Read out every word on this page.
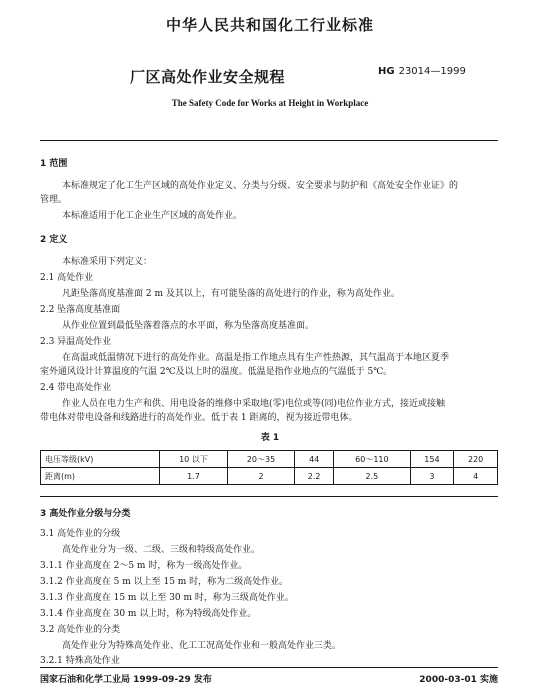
中华人民共和国化工行业标准
厂区高处作业安全规程	HG 23014—1999
The Safety Code for Works at Height in Workplace
1 范围
本标准规定了化工生产区域的高处作业定义、分类与分级、安全要求与防护和《高处安全作业证》的
管理。
本标准适用于化工企业生产区域的高处作业。
2 定义
本标准采用下列定义：
2.1 高处作业
凡距坠落高度基准面 2 m 及其以上，有可能坠落的高处进行的作业，称为高处作业。
2.2 坠落高度基准面
从作业位置到最低坠落着落点的水平面，称为坠落高度基准面。
2.3 异温高处作业
在高温或低温情况下进行的高处作业。高温是指工作地点具有生产性热源，其气温高于本地区夏季
室外通风设计计算温度的气温 2℃及以上时的温度。低温是指作业地点的气温低于 5℃。
2.4 带电高处作业
作业人员在电力生产和供、用电设备的维修中采取地(零)电位或等(同)电位作业方式，接近或接触
带电体对带电设备和线路进行的高处作业。低于表 1 距离的，视为接近带电体。
表 1
电压等级(kV)	10 以下	20～35	44	60～110	154	220
距离(m)	1.7	2	2.2	2.5	3	4
3 高处作业分级与分类
3.1 高处作业的分级
高处作业分为一级、二级、三级和特级高处作业。
3.1.1 作业高度在 2～5 m 时，称为一级高处作业。
3.1.2 作业高度在 5 m 以上至 15 m 时，称为二级高处作业。
3.1.3 作业高度在 15 m 以上至 30 m 时，称为三级高处作业。
3.1.4 作业高度在 30 m 以上时，称为特级高处作业。
3.2 高处作业的分类
高处作业分为特殊高处作业、化工工况高处作业和一般高处作业三类。
3.2.1 特殊高处作业
国家石油和化学工业局 1999-09-29 发布	2000-03-01 实施
